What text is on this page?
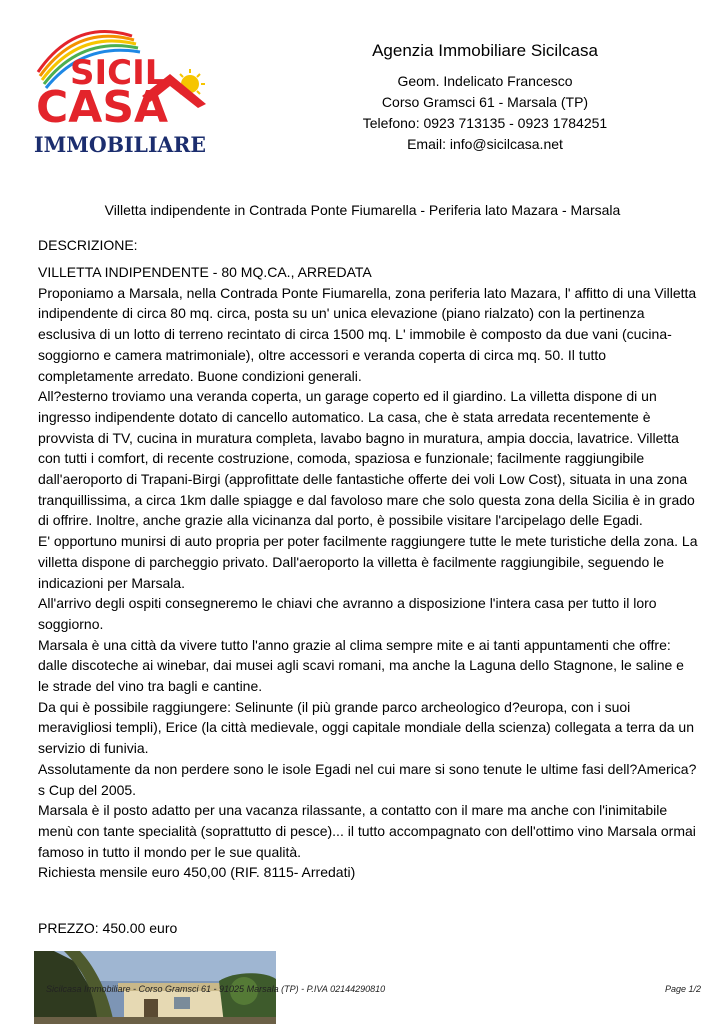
SICIL
CASA
IMMOBILIARE
Agenzia Immobiliare Sicilcasa
Geom. Indelicato Francesco
Corso Gramsci 61 - Marsala (TP)
Telefono: 0923 713135 - 0923 1784251
Email: info@sicilcasa.net
Villetta indipendente in Contrada Ponte Fiumarella - Periferia lato Mazara - Marsala
DESCRIZIONE:

VILLETTA INDIPENDENTE - 80 MQ.CA., ARREDATA

Proponiamo a Marsala, nella Contrada Ponte Fiumarella, zona periferia lato Mazara, l' affitto di una Villetta indipendente di circa 80 mq. circa, posta su un' unica elevazione (piano rialzato) con la pertinenza esclusiva di un lotto di terreno recintato di circa 1500 mq. L' immobile è composto da due vani (cucina-soggiorno e camera matrimoniale), oltre accessori e veranda coperta di circa mq. 50. Il tutto completamente arredato. Buone condizioni generali.

All?esterno troviamo una veranda coperta, un garage coperto ed il giardino. La villetta dispone di un ingresso indipendente dotato di cancello automatico. La casa, che è stata arredata recentemente è provvista di TV, cucina in muratura completa, lavabo bagno in muratura, ampia doccia, lavatrice. Villetta con tutti i comfort, di recente costruzione, comoda, spaziosa e funzionale; facilmente raggiungibile dall'aeroporto di Trapani-Birgi (approfittate delle fantastiche offerte dei voli Low Cost), situata in una zona tranquillissima, a circa 1km dalle spiagge e dal favoloso mare che solo questa zona della Sicilia è in grado di offrire. Inoltre, anche grazie alla vicinanza dal porto, è possibile visitare l'arcipelago delle Egadi.

E' opportuno munirsi di auto propria per poter facilmente raggiungere tutte le mete turistiche della zona. La villetta dispone di parcheggio privato. Dall'aeroporto la villetta è facilmente raggiungibile, seguendo le indicazioni per Marsala.

All'arrivo degli ospiti consegneremo le chiavi che avranno a disposizione l'intera casa per tutto il loro soggiorno.

Marsala è una città da vivere tutto l'anno grazie al clima sempre mite e ai tanti appuntamenti che offre: dalle discoteche ai winebar, dai musei agli scavi romani, ma anche la Laguna dello Stagnone, le saline e le strade del vino tra bagli e cantine.

Da qui è possibile raggiungere: Selinunte (il più grande parco archeologico d?europa, con i suoi meravigliosi templi), Erice (la città medievale, oggi capitale mondiale della scienza) collegata a terra da un servizio di funivia.

Assolutamente da non perdere sono le isole Egadi nel cui mare si sono tenute le ultime fasi dell?America?s Cup del 2005.

Marsala è il posto adatto per una vacanza rilassante, a contatto con il mare ma anche con l'inimitabile menù con tante specialità (soprattutto di pesce)... il tutto accompagnato con dell'ottimo vino Marsala ormai famoso in tutto il mondo per le sue qualità.

Richiesta mensile euro 450,00 (RIF. 8115- Arredati)

PREZZO: 450.00 euro
Sicilcasa Immobiliare - Corso Gramsci 61 - 91025 Marsala (TP) - P.IVA 02144290810	Page 1/2
